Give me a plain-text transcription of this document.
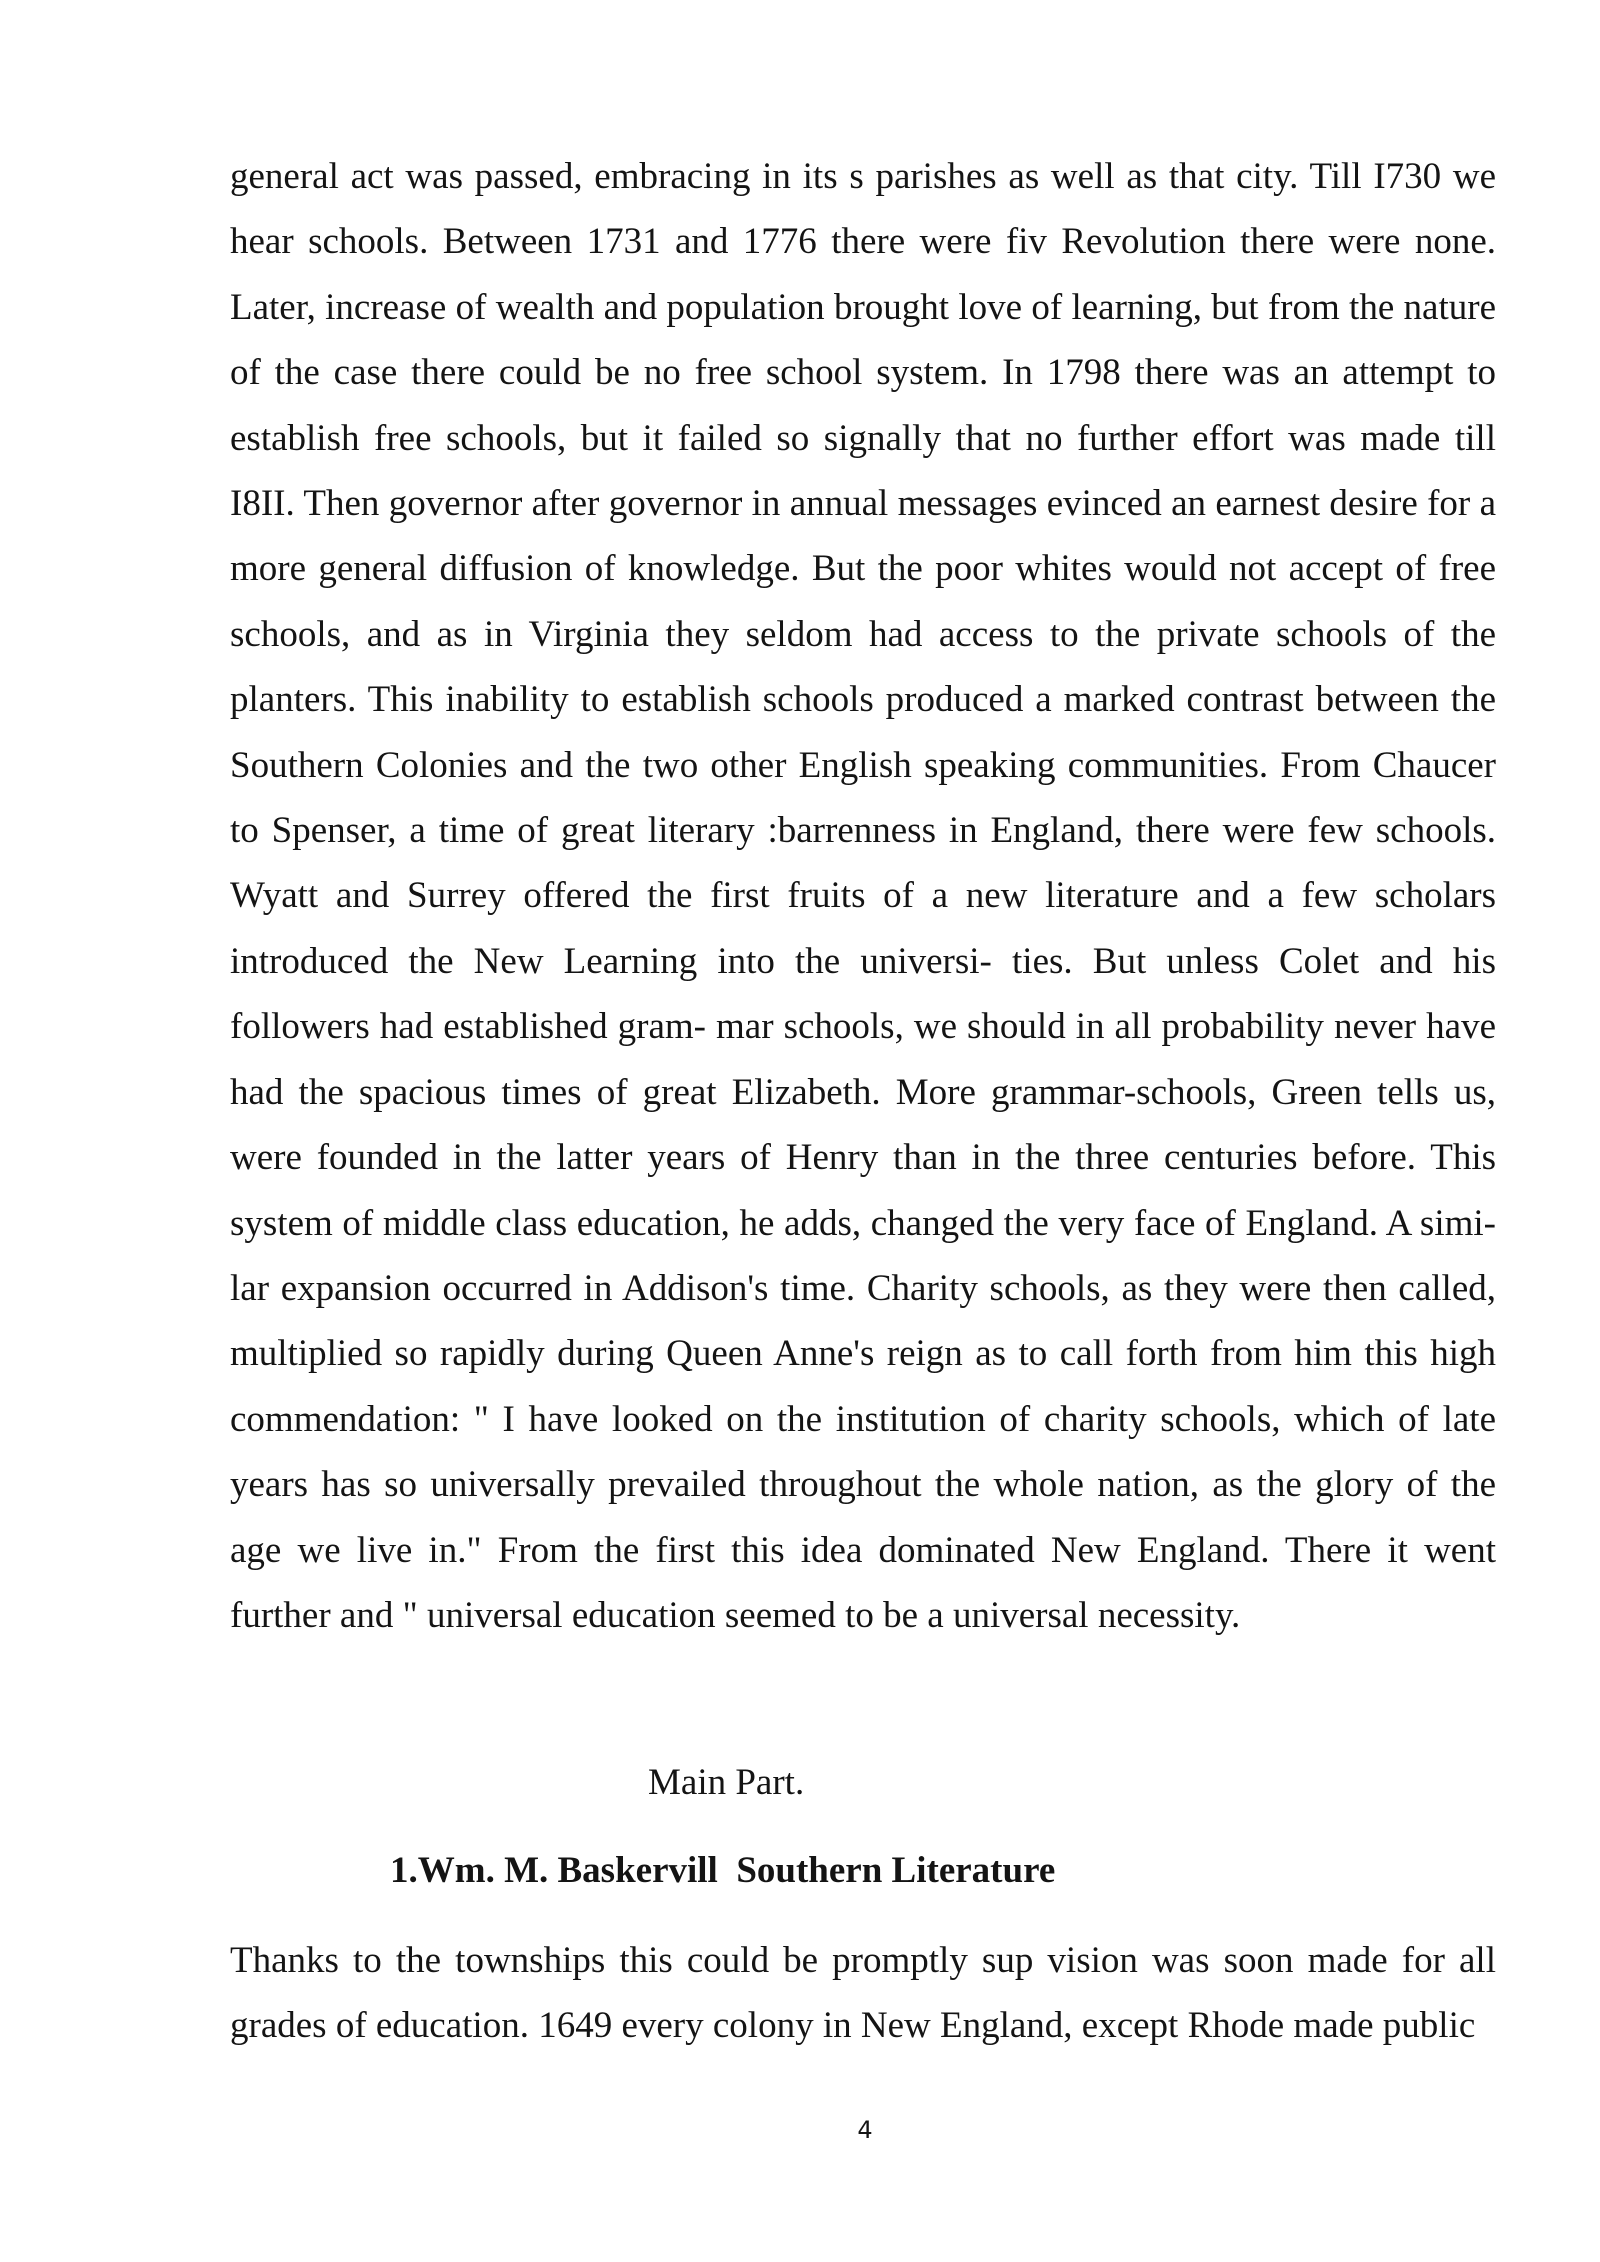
general act was passed, embracing in its s parishes as well as that city. Till I730 we hear schools. Between 1731 and 1776 there were fiv Revolution there were none. Later, increase of wealth and population brought love of learning, but from the nature of the case there could be no free school system. In 1798 there was an attempt to establish free schools, but it failed so signally that no further effort was made till I8II. Then governor after governor in annual messages evinced an earnest desire for a more general diffusion of knowledge. But the poor whites would not accept of free schools, and as in Virginia they seldom had access to the private schools of the planters. This inability to establish schools produced a marked contrast between the Southern Colonies and the two other English speaking communities. From Chaucer to Spenser, a time of great literary :barrenness in England, there were few schools. Wyatt and Surrey offered the first fruits of a new literature and a few scholars introduced the New Learning into the universi- ties. But unless Colet and his followers had established gram- mar schools, we should in all probability never have had the spacious times of great Elizabeth. More grammar-schools, Green tells us, were founded in the latter years of Henry than in the three centuries before. This system of middle class education, he adds, changed the very face of England. A simi- lar expansion occurred in Addison's time. Charity schools, as they were then called, multiplied so rapidly during Queen Anne's reign as to call forth from him this high commendation: " I have looked on the institution of charity schools, which of late years has so universally prevailed throughout the whole nation, as the glory of the age we live in." From the first this idea dominated New England. There it went further and " universal education seemed to be a universal necessity.

Main Part.

1.Wm. M. Baskervill  Southern Literature

Thanks to the townships this could be promptly sup vision was soon made for all grades of education. 1649 every colony in New England, except Rhode made public

4
